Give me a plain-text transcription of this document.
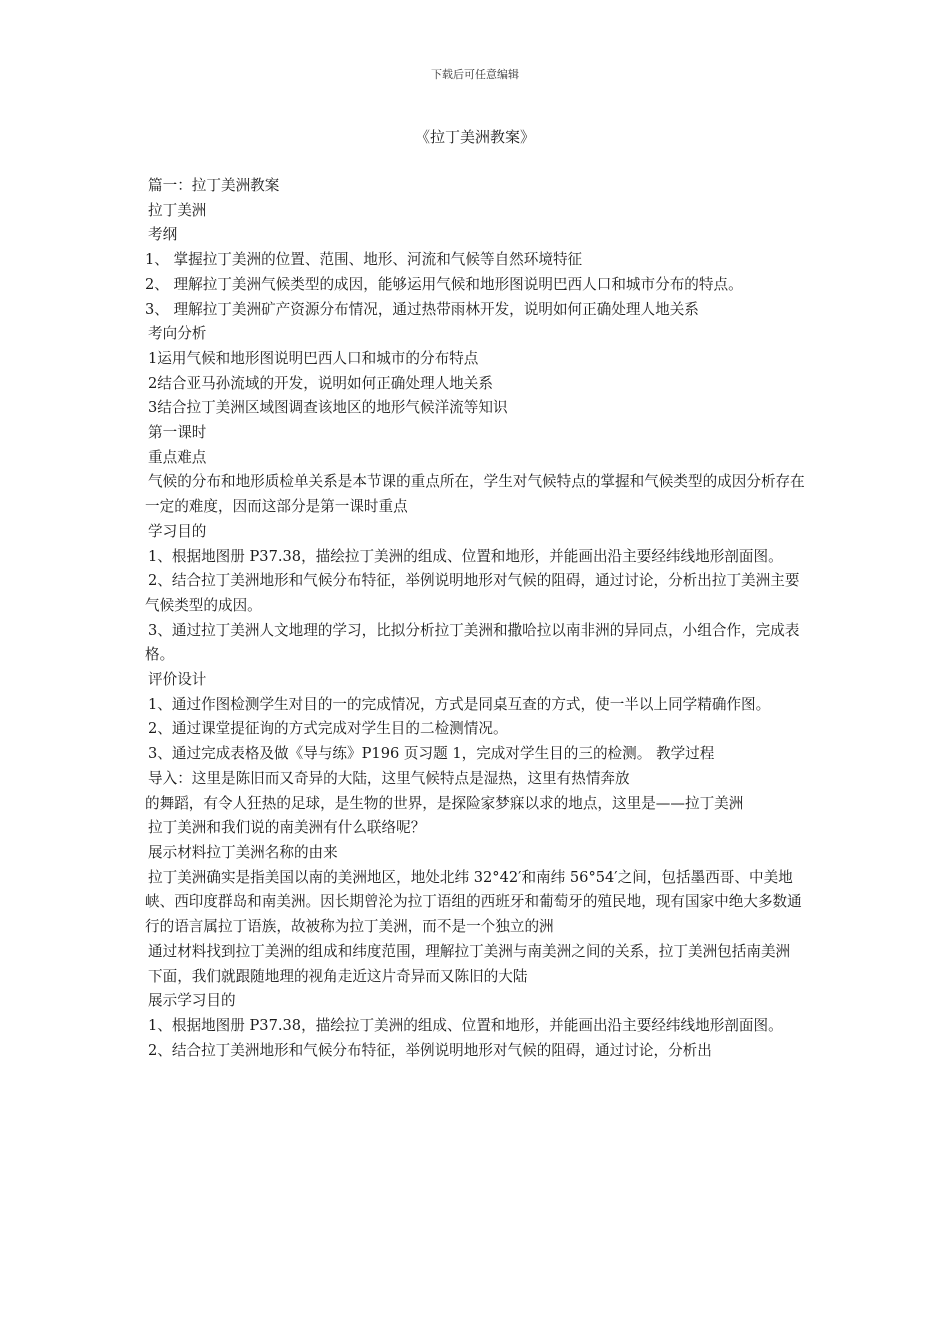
下载后可任意编辑
《拉丁美洲教案》

篇一：拉丁美洲教案

拉丁美洲

考纲

1、 掌握拉丁美洲的位置、范围、地形、河流和气候等自然环境特征

2、 理解拉丁美洲气候类型的成因，能够运用气候和地形图说明巴西人口和城市分布的特点。

3、 理解拉丁美洲矿产资源分布情况，通过热带雨林开发，说明如何正确处理人地关系

考向分析

1运用气候和地形图说明巴西人口和城市的分布特点

2结合亚马孙流域的开发，说明如何正确处理人地关系

3结合拉丁美洲区域图调查该地区的地形气候洋流等知识

第一课时

重点难点

气候的分布和地形质检单关系是本节课的重点所在，学生对气候特点的掌握和气候类型的成因分析存在一定的难度，因而这部分是第一课时重点

学习目的

1、根据地图册 P37.38，描绘拉丁美洲的组成、位置和地形，并能画出沿主要经纬线地形剖面图。

2、结合拉丁美洲地形和气候分布特征，举例说明地形对气候的阻碍，通过讨论，分析出拉丁美洲主要气候类型的成因。

3、通过拉丁美洲人文地理的学习，比拟分析拉丁美洲和撒哈拉以南非洲的异同点，小组合作，完成表格。

评价设计

1、通过作图检测学生对目的一的完成情况，方式是同桌互查的方式，使一半以上同学精确作图。

2、通过课堂提征询的方式完成对学生目的二检测情况。

3、通过完成表格及做《导与练》P196 页习题 1，完成对学生目的三的检测。 教学过程

导入：这里是陈旧而又奇异的大陆，这里气候特点是湿热，这里有热情奔放

的舞蹈，有令人狂热的足球，是生物的世界，是探险家梦寐以求的地点，这里是——拉丁美洲

拉丁美洲和我们说的南美洲有什么联络呢？

展示材料拉丁美洲名称的由来

拉丁美洲确实是指美国以南的美洲地区，地处北纬 32°42′和南纬 56°54′之间，包括墨西哥、中美地峡、西印度群岛和南美洲。因长期曾沦为拉丁语组的西班牙和葡萄牙的殖民地，现有国家中绝大多数通行的语言属拉丁语族，故被称为拉丁美洲，而不是一个独立的洲

通过材料找到拉丁美洲的组成和纬度范围，理解拉丁美洲与南美洲之间的关系，拉丁美洲包括南美洲

下面，我们就跟随地理的视角走近这片奇异而又陈旧的大陆

展示学习目的

1、根据地图册 P37.38，描绘拉丁美洲的组成、位置和地形，并能画出沿主要经纬线地形剖面图。

2、结合拉丁美洲地形和气候分布特征，举例说明地形对气候的阻碍，通过讨论，分析出
